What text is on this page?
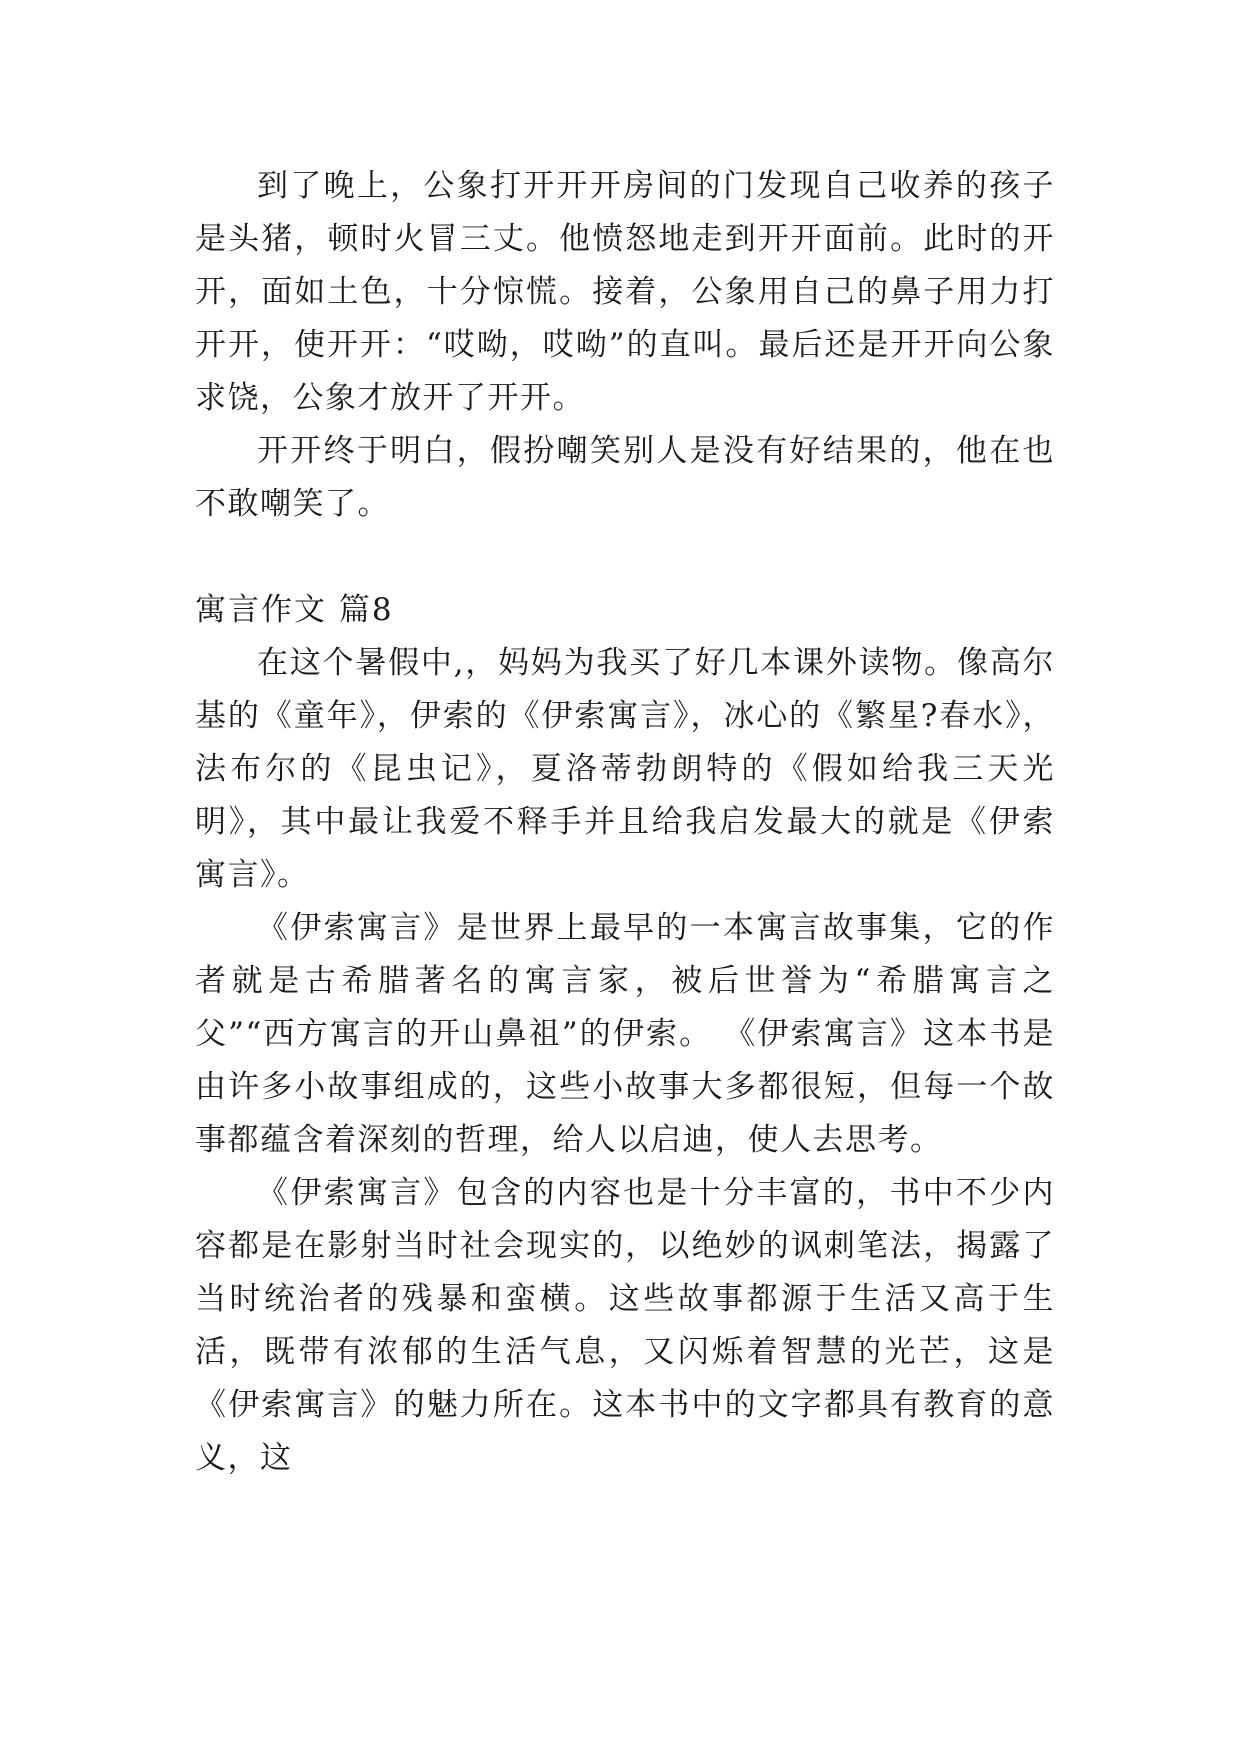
到了晚上，公象打开开开房间的门发现自己收养的孩子是头猪，顿时火冒三丈。他愤怒地走到开开面前。此时的开开，面如土色，十分惊慌。接着，公象用自己的鼻子用力打开开，使开开：“哎呦，哎呦”的直叫。最后还是开开向公象求饶，公象才放开了开开。

开开终于明白，假扮嘲笑别人是没有好结果的，他在也不敢嘲笑了。

寓言作文 篇8

在这个暑假中,，妈妈为我买了好几本课外读物。像高尔基的《童年》，伊索的《伊索寓言》，冰心的《繁星?春水》，法布尔的《昆虫记》，夏洛蒂勃朗特的《假如给我三天光明》，其中最让我爱不释手并且给我启发最大的就是《伊索寓言》。

《伊索寓言》是世界上最早的一本寓言故事集，它的作者就是古希腊著名的寓言家，被后世誉为“希腊寓言之父”“西方寓言的开山鼻祖”的伊索。 《伊索寓言》这本书是由许多小故事组成的，这些小故事大多都很短，但每一个故事都蕴含着深刻的哲理，给人以启迪，使人去思考。

《伊索寓言》包含的内容也是十分丰富的，书中不少内容都是在影射当时社会现实的，以绝妙的讽刺笔法，揭露了当时统治者的残暴和蛮横。这些故事都源于生活又高于生活，既带有浓郁的生活气息，又闪烁着智慧的光芒，这是《伊索寓言》的魅力所在。这本书中的文字都具有教育的意义，这
